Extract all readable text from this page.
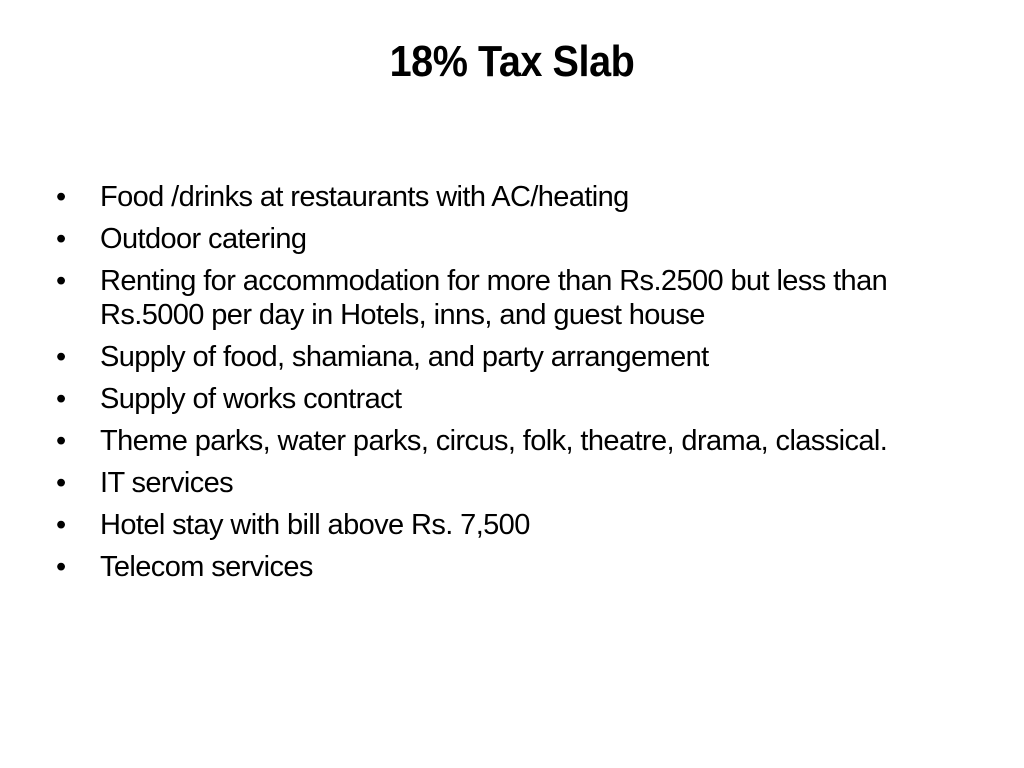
18% Tax Slab
•	Food /drinks at restaurants with AC/heating
•	Outdoor catering
•	Renting for accommodation for more than Rs.2500 but less than Rs.5000 per day in Hotels, inns, and guest house
•	Supply of food, shamiana, and party arrangement
•	Supply of works contract
•	Theme parks, water parks, circus, folk, theatre, drama, classical.
•	IT services
•	Hotel stay with bill above Rs. 7,500
•	Telecom services
